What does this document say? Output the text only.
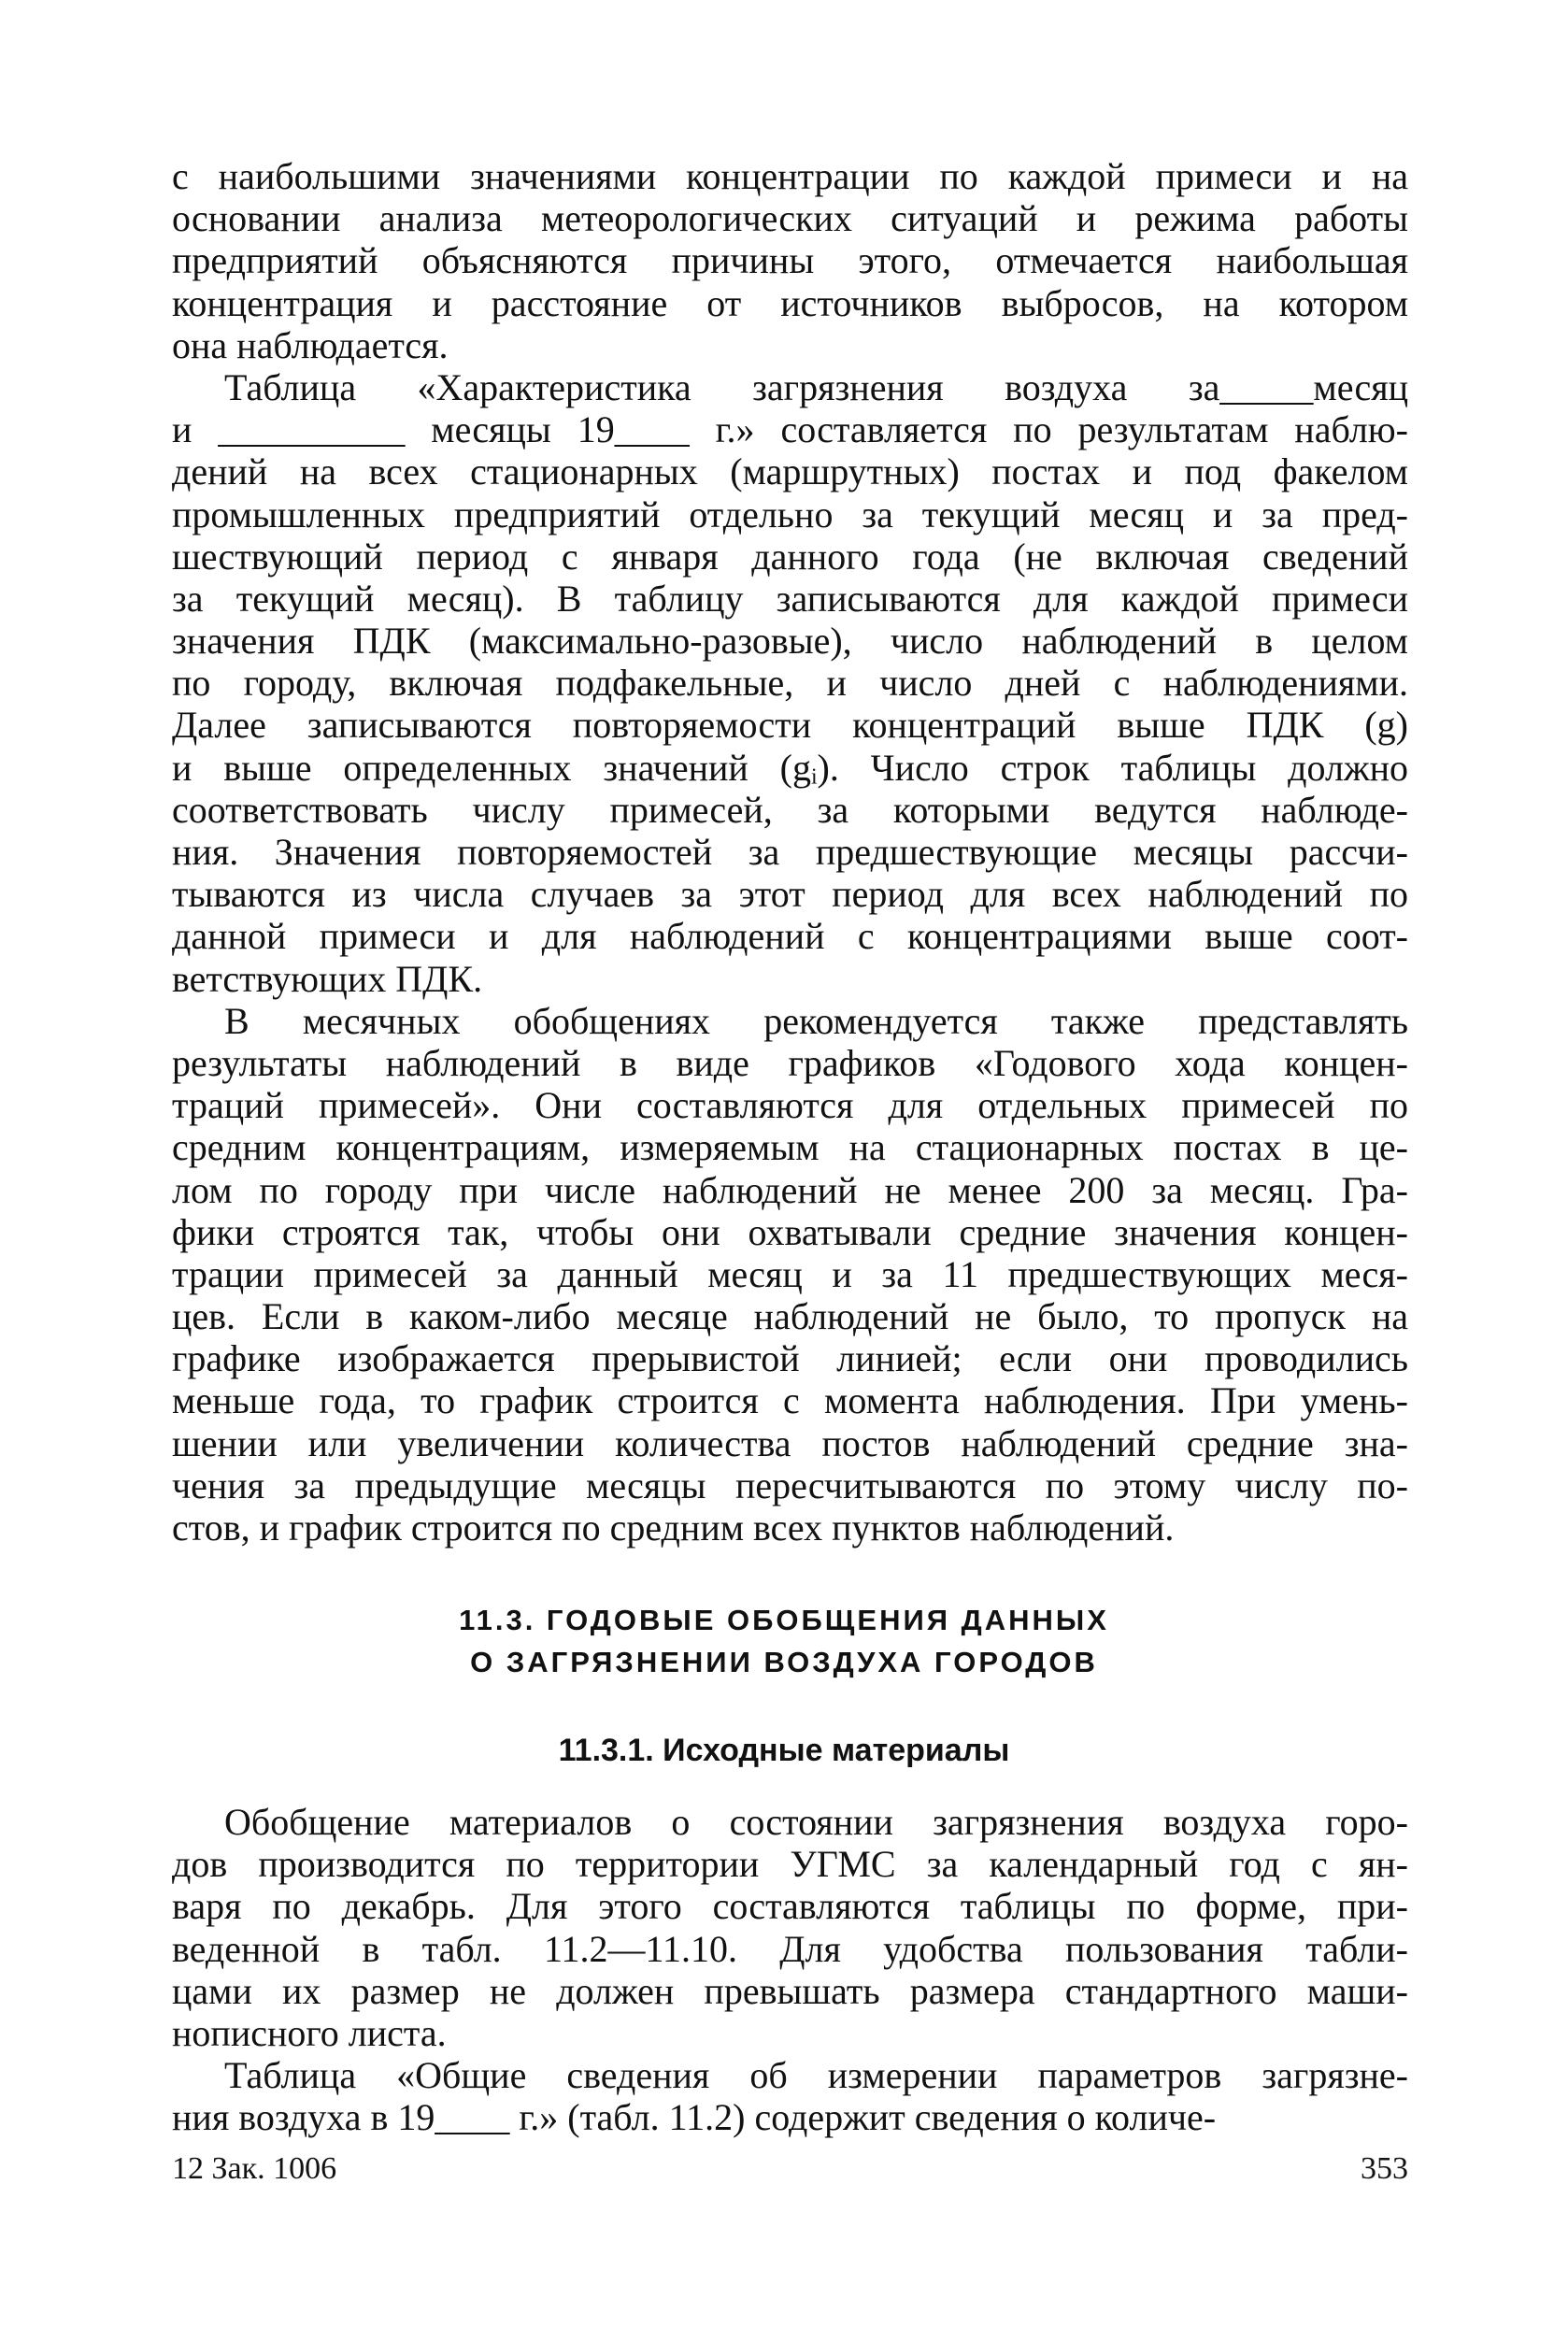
с наибольшими значениями концентрации по каждой примеси и на
основании анализа метеорологических ситуаций и режима работы
предприятий объясняются причины этого, отмечается наибольшая
концентрация и расстояние от источников выбросов, на котором
она наблюдается.
Таблица «Характеристика загрязнения воздуха за_____месяц
и __________ месяцы 19____ г.» составляется по результатам наблю-
дений на всех стационарных (маршрутных) постах и под факелом
промышленных предприятий отдельно за текущий месяц и за пред-
шествующий период с января данного года (не включая сведений
за текущий месяц). В таблицу записываются для каждой примеси
значения ПДК (максимально-разовые), число наблюдений в целом
по городу, включая подфакельные, и число дней с наблюдениями.
Далее записываются повторяемости концентраций выше ПДК (g)
и выше определенных значений (gᵢ). Число строк таблицы должно
соответствовать числу примесей, за которыми ведутся наблюде-
ния. Значения повторяемостей за предшествующие месяцы рассчи-
тываются из числа случаев за этот период для всех наблюдений по
данной примеси и для наблюдений с концентрациями выше соот-
ветствующих ПДК.
В месячных обобщениях рекомендуется также представлять
результаты наблюдений в виде графиков «Годового хода концен-
траций примесей». Они составляются для отдельных примесей по
средним концентрациям, измеряемым на стационарных постах в це-
лом по городу при числе наблюдений не менее 200 за месяц. Гра-
фики строятся так, чтобы они охватывали средние значения концен-
трации примесей за данный месяц и за 11 предшествующих меся-
цев. Если в каком-либо месяце наблюдений не было, то пропуск на
графике изображается прерывистой линией; если они проводились
меньше года, то график строится с момента наблюдения. При умень-
шении или увеличении количества постов наблюдений средние зна-
чения за предыдущие месяцы пересчитываются по этому числу по-
стов, и график строится по средним всех пунктов наблюдений.
11.3. ГОДОВЫЕ ОБОБЩЕНИЯ ДАННЫХ
О ЗАГРЯЗНЕНИИ ВОЗДУХА ГОРОДОВ
11.3.1. Исходные материалы
Обобщение материалов о состоянии загрязнения воздуха горо-
дов производится по территории УГМС за календарный год с ян-
варя по декабрь. Для этого составляются таблицы по форме, при-
веденной в табл. 11.2—11.10. Для удобства пользования табли-
цами их размер не должен превышать размера стандартного маши-
нописного листа.
Таблица «Общие сведения об измерении параметров загрязне-
ния воздуха в 19____ г.» (табл. 11.2) содержит сведения о количе-
12 Зак. 1006	353
